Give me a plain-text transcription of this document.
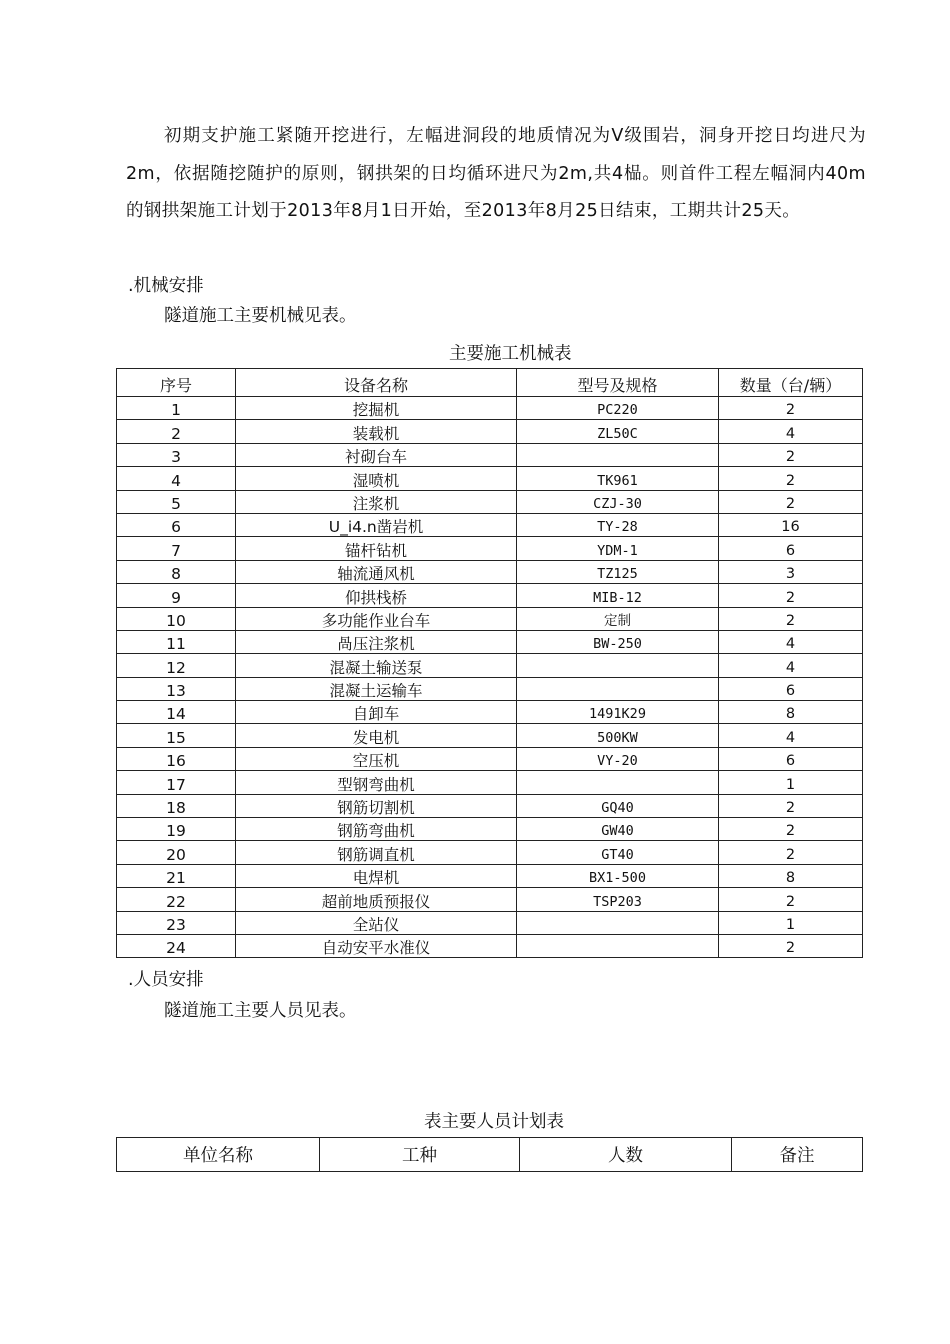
初期支护施工紧随开挖进行，左幅进洞段的地质情况为Ⅴ级围岩，洞身开挖日均进尺为2m，依据随挖随护的原则，钢拱架的日均循环进尺为2m,共4榀。则首件工程左幅洞内40m的钢拱架施工计划于2013年8月1日开始，至2013年8月25日结束，工期共计25天。

.机械安排
隧道施工主要机械见表。
主要施工机械表
序号	设备名称	型号及规格	数量（台/辆）
1	挖掘机	PC220	2
2	装载机	ZL50C	4
3	衬砌台车		2
4	湿喷机	TK961	2
5	注浆机	CZJ-30	2
6	U_i4.n凿岩机	TY-28	16
7	锚杆钻机	YDM-1	6
8	轴流通风机	TZ125	3
9	仰拱栈桥	MIB-12	2
10	多功能作业台车	定制	2
11	咼压注浆机	BW-250	4
12	混凝土输送泵		4
13	混凝土运输车		6
14	自卸车	1491K29	8
15	发电机	500KW	4
16	空压机	VY-20	6
17	型钢弯曲机		1
18	钢筋切割机	GQ40	2
19	钢筋弯曲机	GW40	2
20	钢筋调直机	GT40	2
21	电焊机	BX1-500	8
22	超前地质预报仪	TSP203	2
23	全站仪		1
24	自动安平水准仪		2
.人员安排
隧道施工主要人员见表。
表主要人员计划表
单位名称	工种	人数	备注
